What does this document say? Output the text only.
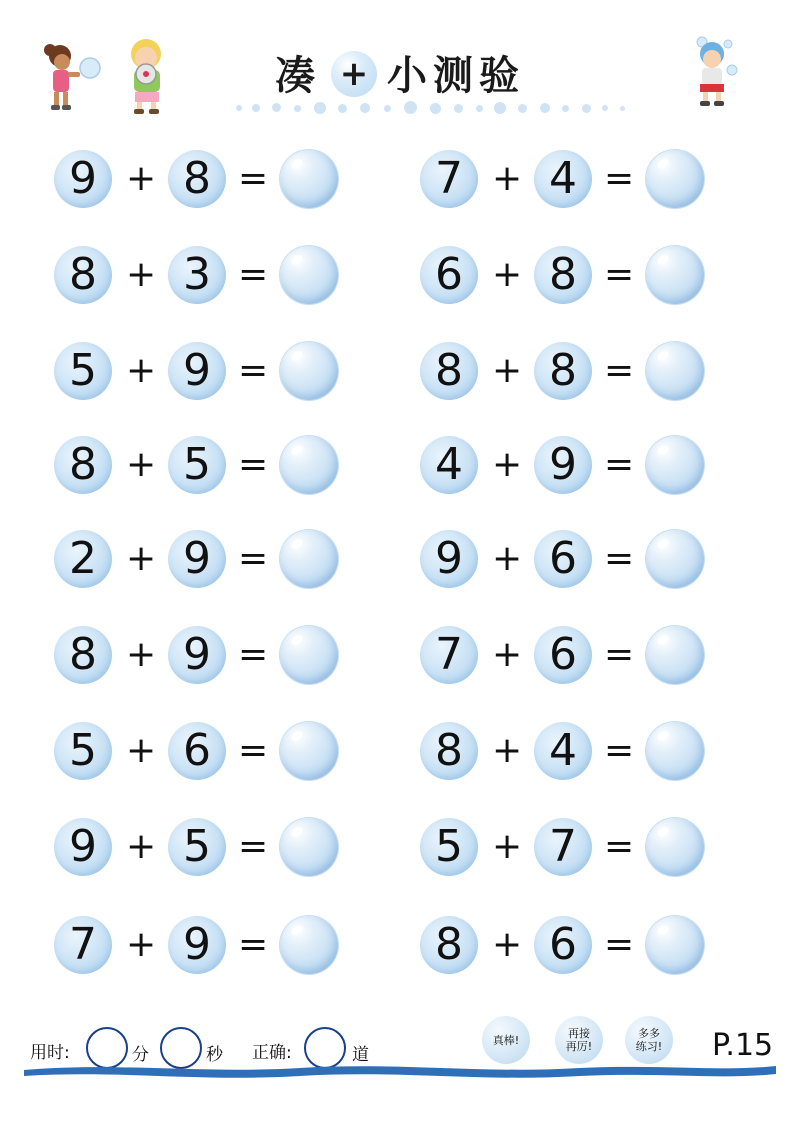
凑 + 小测验
9 + 8 =
8 + 3 =
5 + 9 =
8 + 5 =
2 + 9 =
8 + 9 =
5 + 6 =
9 + 5 =
7 + 9 =
7 + 4 =
6 + 8 =
8 + 8 =
4 + 9 =
9 + 6 =
7 + 6 =
8 + 4 =
5 + 7 =
8 + 6 =
用时:	分	秒 正确:	道
真棒!	再接
再厉!
多多
练习! P.15
